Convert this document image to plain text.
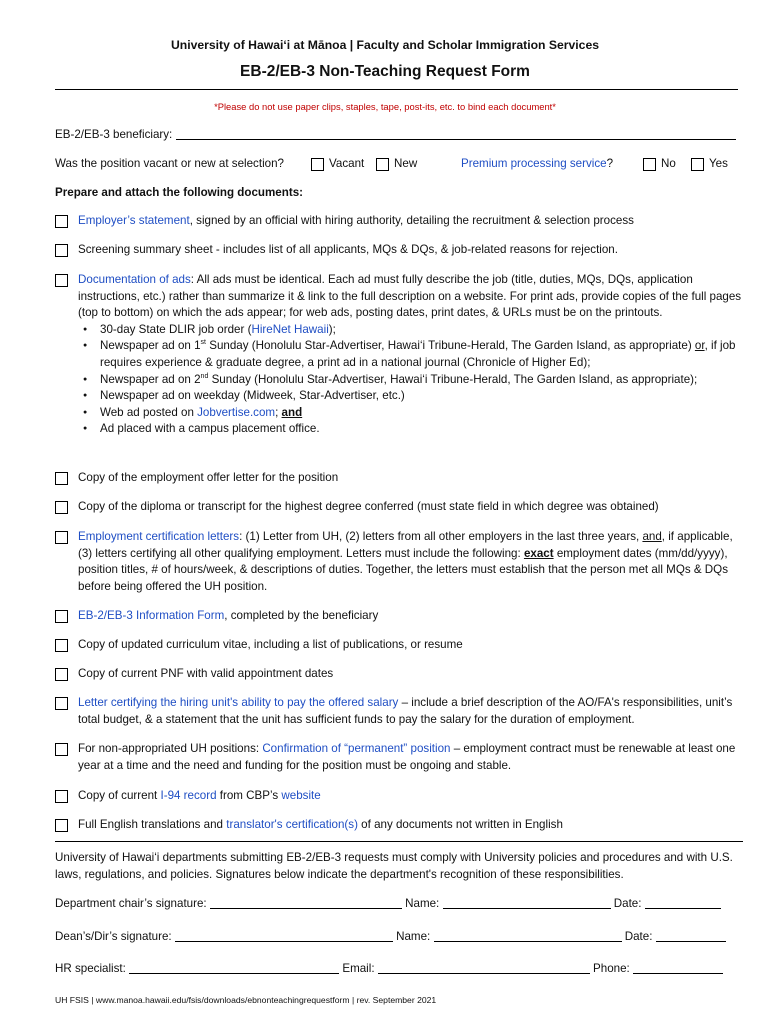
University of Hawaiʻi at Mānoa | Faculty and Scholar Immigration Services
EB-2/EB-3 Non-Teaching Request Form
*Please do not use paper clips, staples, tape, post-its, etc. to bind each document*
EB-2/EB-3 beneficiary:
Was the position vacant or new at selection?	Vacant	New	Premium processing service?	No	Yes
Prepare and attach the following documents:
Employer’s statement, signed by an official with hiring authority, detailing the recruitment & selection process
Screening summary sheet - includes list of all applicants, MQs & DQs, & job-related reasons for rejection.
Documentation of ads: All ads must be identical. Each ad must fully describe the job (title, duties, MQs, DQs, application instructions, etc.) rather than summarize it & link to the full description on a website. For print ads, provide copies of the full pages (top to bottom) on which the ads appear; for web ads, posting dates, print dates, & URLs must be on the printouts.
● 30-day State DLIR job order (HireNet Hawaii);
● Newspaper ad on 1st Sunday (Honolulu Star-Advertiser, Hawai‘i Tribune-Herald, The Garden Island, as appropriate) or, if job requires experience & graduate degree, a print ad in a national journal (Chronicle of Higher Ed);
● Newspaper ad on 2nd Sunday (Honolulu Star-Advertiser, Hawai‘i Tribune-Herald, The Garden Island, as appropriate);
● Newspaper ad on weekday (Midweek, Star-Advertiser, etc.)
● Web ad posted on Jobvertise.com; and
● Ad placed with a campus placement office.
Copy of the employment offer letter for the position
Copy of the diploma or transcript for the highest degree conferred (must state field in which degree was obtained)
Employment certification letters: (1) Letter from UH, (2) letters from all other employers in the last three years, and, if applicable, (3) letters certifying all other qualifying employment. Letters must include the following: exact employment dates (mm/dd/yyyy), position titles, # of hours/week, & descriptions of duties. Together, the letters must establish that the person met all MQs & DQs before being offered the UH position.
EB-2/EB-3 Information Form, completed by the beneficiary
Copy of updated curriculum vitae, including a list of publications, or resume
Copy of current PNF with valid appointment dates
Letter certifying the hiring unit's ability to pay the offered salary – include a brief description of the AO/FA's responsibilities, unit’s total budget, & a statement that the unit has sufficient funds to pay the salary for the duration of employment.
For non-appropriated UH positions: Confirmation of “permanent” position – employment contract must be renewable at least one year at a time and the need and funding for the position must be ongoing and stable.
Copy of current I-94 record from CBP’s website
Full English translations and translator's certification(s) of any documents not written in English
University of Hawai‘i departments submitting EB-2/EB-3 requests must comply with University policies and procedures and with U.S. laws, regulations, and policies. Signatures below indicate the department's recognition of these responsibilities.
Department chair’s signature:	Name:	Date:
Dean’s/Dir’s signature:	Name:	Date:
HR specialist:	Email:	Phone:
UH FSIS | www.manoa.hawaii.edu/fsis/downloads/ebnonteachingrequestform | rev. September 2021
